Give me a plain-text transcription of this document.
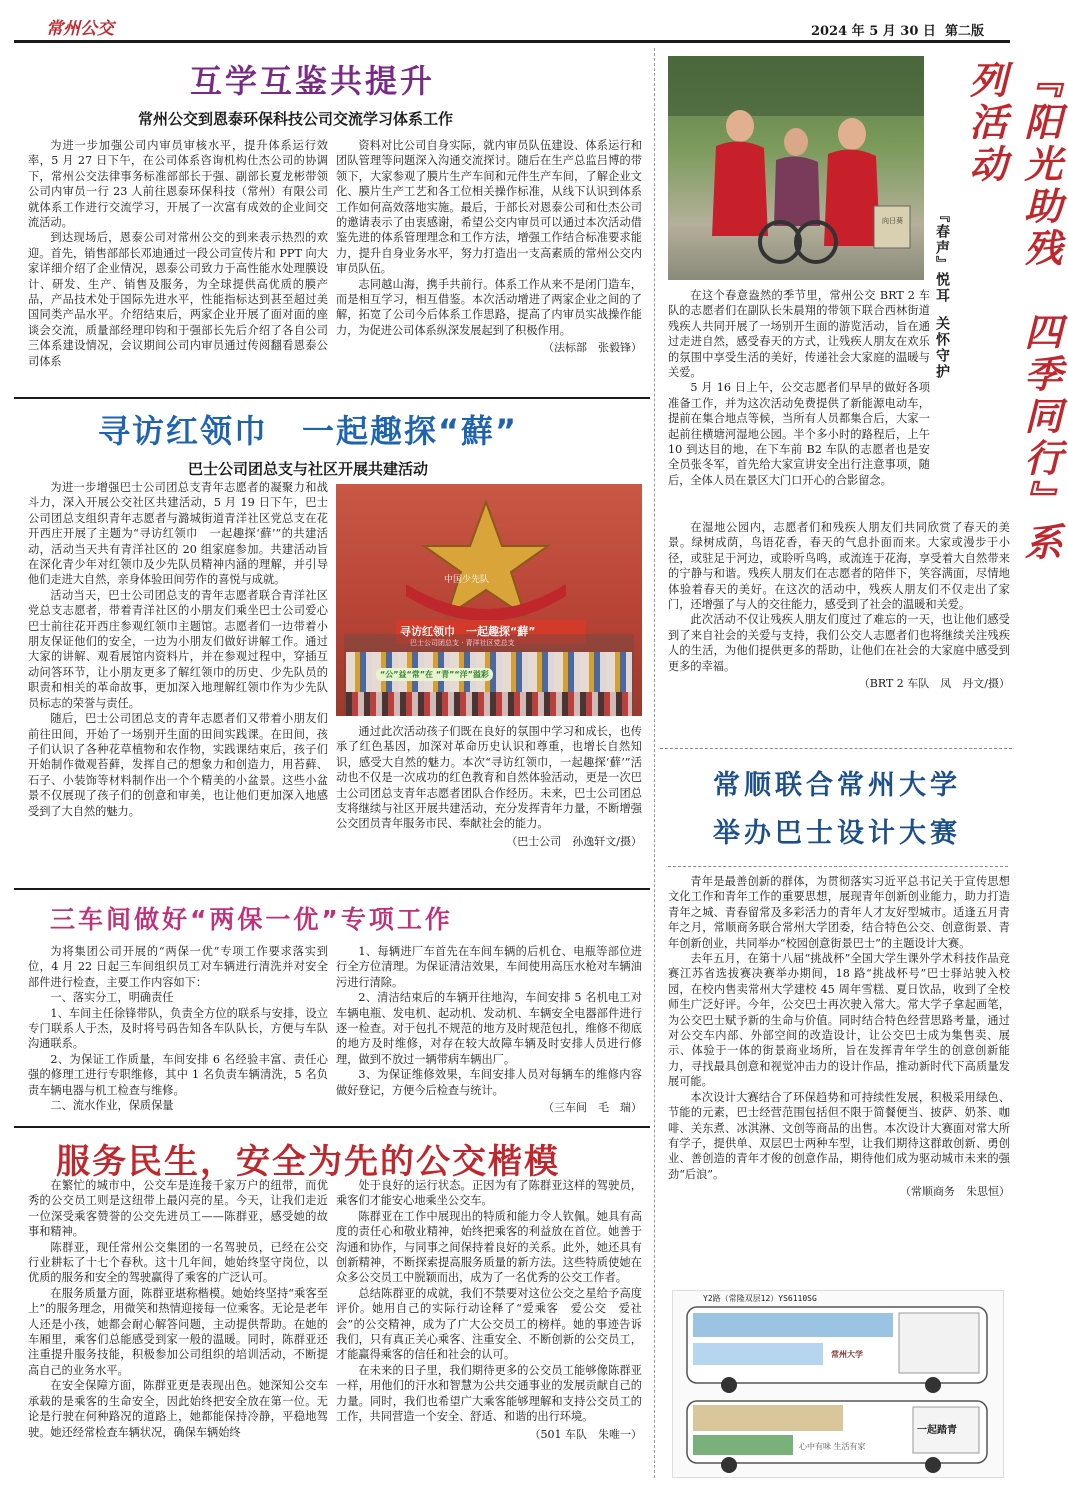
常州公交	2024 年 5 月 30 日 第二版
互学互鉴共提升
常州公交到恩泰环保科技公司交流学习体系工作

为进一步加强公司内审员审核水平，提升体系运行效率，5 月 27 日下午，在公司体系咨询机构仕杰公司的协调下，常州公交法律事务标准部部长于强、副部长夏龙彬带领公司内审员一行 23 人前往恩泰环保科技（常州）有限公司就体系工作进行交流学习，开展了一次富有成效的企业间交流活动。

到达现场后，恩泰公司对常州公交的到来表示热烈的欢迎。首先，销售部部长邓迪通过一段公司宣传片和 PPT 向大家详细介绍了企业情况，恩泰公司致力于高性能水处理膜设计、研发、生产、销售及服务，为全球提供高优质的膜产品，产品技术处于国际先进水平，性能指标达到甚至超过美国同类产品水平。介绍结束后，两家企业开展了面对面的座谈会交流，质量部经理印钧和于强部长先后介绍了各自公司三体系建设情况，会议期间公司内审员通过传阅翻看恩泰公司体系

资料对比公司自身实际，就内审员队伍建设、体系运行和团队管理等问题深入沟通交流探讨。随后在生产总监吕博的带领下，大家参观了膜片生产车间和元件生产车间，了解企业文化、膜片生产工艺和各工位相关操作标准，从线下认识到体系工作如何高效落地实施。最后，于部长对恩泰公司和仕杰公司的邀请表示了由衷感谢，希望公交内审员可以通过本次活动借鉴先进的体系管理理念和工作方法，增强工作结合标准要求能力，提升自身业务水平，努力打造出一支高素质的常州公交内审员队伍。

志同越山海，携手共前行。体系工作从来不是闭门造车，而是相互学习，相互借鉴。本次活动增进了两家企业之间的了解，拓宽了公司今后体系工作思路，提高了内审员实战操作能力，为促进公司体系纵深发展起到了积极作用。

（法标部　张毅锋）
寻访红领巾　一起趣探“蘚”
巴士公司团总支与社区开展共建活动

为进一步增强巴士公司团总支青年志愿者的凝聚力和战斗力，深入开展公交社区共建活动，5 月 19 日下午，巴士公司团总支组织青年志愿者与潞城街道青洋社区党总支在花开西庄开展了主题为“寻访红领巾　一起趣探‘蘚’”的共建活动，活动当天共有青洋社区的 20 组家庭参加。共建活动旨在深化青少年对红领巾及少先队员精神内涵的理解，并引导他们走进大自然，亲身体验田间劳作的喜悦与成就。

活动当天，巴士公司团总支的青年志愿者联合青洋社区党总支志愿者，带着青洋社区的小朋友们乘坐巴士公司爱心巴士前往花开西庄参观红领巾主题馆。志愿者们一边带着小朋友保证他们的安全，一边为小朋友们做好讲解工作。通过大家的讲解、观看展馆内资料片，并在参观过程中，穿插互动问答环节，让小朋友更多了解红领巾的历史、少先队员的职责和相关的革命故事，更加深入地理解红领巾作为少先队员标志的荣誉与责任。

随后，巴士公司团总支的青年志愿者们又带着小朋友们前往田间，开始了一场别开生面的田间实践课。在田间，孩子们认识了各种花草植物和农作物，实践课结束后，孩子们开始制作微观苔藓，发挥自己的想象力和创造力，用苔藓、石子、小装饰等材料制作出一个个精美的小盆景。这些小盆景不仅展现了孩子们的创意和审美，也让他们更加深入地感受到了大自然的魅力。

中国少先队
寻访红领巾　一起趣探“蘚”
巴士公司团总支 · 青洋社区党总支
“公”益“常”在 “青”“洋”溢彩

通过此次活动孩子们既在良好的氛围中学习和成长，也传承了红色基因，加深对革命历史认识和尊重，也增长自然知识，感受大自然的魅力。本次“寻访红领巾，一起趣探‘蘚’”活动也不仅是一次成功的红色教育和自然体验活动，更是一次巴士公司团总支青年志愿者团队合作经历。未来，巴士公司团总支将继续与社区开展共建活动，充分发挥青年力量，不断增强公交团员青年服务市民、奉献社会的能力。

（巴士公司　孙逸轩文/摄）
三车间做好“两保一优”专项工作

为将集团公司开展的“两保一优”专项工作要求落实到位，4 月 22 日起三车间组织员工对车辆进行清洗并对安全部件进行检查，主要工作内容如下：

一、落实分工，明确责任

1、车间主任徐锋带队，负责全方位的联系与安排，设立专门联系人于杰，及时将号码告知各车队队长，方便与车队沟通联系。

2、为保证工作质量，车间安排 6 名经验丰富、责任心强的修理工进行专职维修，其中 1 名负责车辆清洗，5 名负责车辆电器与机工检查与维修。

二、流水作业，保质保量

1、每辆进厂车首先在车间车辆的后机仓、电瓶等部位进行全方位清理。为保证清洁效果，车间使用高压水枪对车辆油污进行清除。

2、清洁结束后的车辆开往地沟，车间安排 5 名机电工对车辆电瓶、发电机、起动机、发动机、车辆安全电器部件进行逐一检查。对于包扎不规范的地方及时规范包扎，维修不彻底的地方及时维修，对存在较大故障车辆及时安排人员进行修理，做到不放过一辆带病车辆出厂。

3、为保证维修效果，车间安排人员对每辆车的维修内容做好登记，方便今后检查与统计。

（三车间　毛　瑞）
服务民生，安全为先的公交楷模

在繁忙的城市中，公交车是连接千家万户的纽带，而优秀的公交员工则是这纽带上最闪亮的星。今天，让我们走近一位深受乘客赞誉的公交先进员工——陈群亚，感受她的故事和精神。

陈群亚，现任常州公交集团的一名驾驶员，已经在公交行业耕耘了十七个春秋。这十几年间，她始终坚守岗位，以优质的服务和安全的驾驶赢得了乘客的广泛认可。

在服务质量方面，陈群亚堪称楷模。她始终坚持“乘客至上”的服务理念，用微笑和热情迎接每一位乘客。无论是老年人还是小孩，她都会耐心解答问题，主动提供帮助。在她的车厢里，乘客们总能感受到家一般的温暖。同时，陈群亚还注重提升服务技能，积极参加公司组织的培训活动，不断提高自己的业务水平。

在安全保障方面，陈群亚更是表现出色。她深知公交车承载的是乘客的生命安全，因此始终把安全放在第一位。无论是行驶在何种路况的道路上，她都能保持冷静，平稳地驾驶。她还经常检查车辆状况，确保车辆始终

处于良好的运行状态。正因为有了陈群亚这样的驾驶员，乘客们才能安心地乘坐公交车。

陈群亚在工作中展现出的特质和能力令人钦佩。她具有高度的责任心和敬业精神，始终把乘客的利益放在首位。她善于沟通和协作，与同事之间保持着良好的关系。此外，她还具有创新精神，不断探索提高服务质量的新方法。这些特质使她在众多公交员工中脱颖而出，成为了一名优秀的公交工作者。

总结陈群亚的成就，我们不禁要对这位公交之星给予高度评价。她用自己的实际行动诠释了“爱乘客　爱公交　爱社会”的公交精神，成为了广大公交员工的榜样。她的事迹告诉我们，只有真正关心乘客、注重安全、不断创新的公交员工，才能赢得乘客的信任和社会的认可。

在未来的日子里，我们期待更多的公交员工能够像陈群亚一样，用他们的汗水和智慧为公共交通事业的发展贡献自己的力量。同时，我们也希望广大乘客能够理解和支持公交员工的工作，共同营造一个安全、舒适、和谐的出行环境。

（501 车队　朱唯一）
向日葵	『阳光助残　四季同行』系列活动
『春声』悦耳
关怀守护

在这个春意盎然的季节里，常州公交 BRT 2 车队的志愿者们在副队长朱晨翔的带领下联合西林街道残疾人共同开展了一场别开生面的游览活动，旨在通过走进自然，感受春天的方式，让残疾人朋友在欢乐的氛围中享受生活的美好，传递社会大家庭的温暖与关爱。

5 月 16 日上午，公交志愿者们早早的做好各项准备工作，并为这次活动免费提供了新能源电动车，提前在集合地点等候，当所有人员都集合后，大家一起前往横塘河湿地公园。半个多小时的路程后，上午 10 到达目的地，在下车前 B2 车队的志愿者也是安全员张冬军，首先给大家宣讲安全出行注意事项，随后，全体人员在景区大门口开心的合影留念。

在湿地公园内，志愿者们和残疾人朋友们共同欣赏了春天的美景。绿树成荫，鸟语花香，春天的气息扑面而来。大家或漫步于小径，或驻足于河边，或聆听鸟鸣，或流连于花海，享受着大自然带来的宁静与和谐。残疾人朋友们在志愿者的陪伴下，笑容满面，尽情地体验着春天的美好。在这次的活动中，残疾人朋友们不仅走出了家门，还增强了与人的交往能力，感受到了社会的温暖和关爱。

此次活动不仅让残疾人朋友们度过了难忘的一天，也让他们感受到了来自社会的关爱与支持，我们公交人志愿者们也将继续关注残疾人的生活，为他们提供更多的帮助，让他们在社会的大家庭中感受到更多的幸福。

（BRT 2 车队　凤　丹文/摄）
常顺联合常州大学
举办巴士设计大赛

青年是最善创新的群体，为贯彻落实习近平总书记关于宣传思想文化工作和青年工作的重要思想，展现青年创新创业能力，助力打造青年之城、青春留常及多彩活力的青年人才友好型城市。适逢五月青年之月，常顺商务联合常州大学团委，结合特色公交、创意街景、青年创新创业，共同举办“校园创意街景巴士”的主题设计大赛。

去年五月，在第十八届“挑战杯”全国大学生课外学术科技作品竞赛江苏省选拔赛决赛举办期间，18 路“挑战杯号”巴士驿站驶入校园，在校内售卖常州大学建校 45 周年雪糕、夏日饮品，收到了全校师生广泛好评。今年，公交巴士再次驶入常大。常大学子拿起画笔，为公交巴士赋予新的生命与价值。同时结合特色经营思路考量，通过对公交车内部、外部空间的改造设计，让公交巴士成为集售卖、展示、体验于一体的街景商业场所，旨在发挥青年学生的创意创新能力，寻找最具创意和视觉冲击力的设计作品，推动新时代下高质量发展可能。

本次设计大赛结合了环保趋势和可持续性发展，积极采用绿色、节能的元素，巴士经营范围包括但不限于简餐便当、披萨、奶茶、咖啡、关东煮、冰淇淋、文创等商品的出售。本次设计大赛面对常大所有学子，提供单、双层巴士两种车型，让我们期待这群敢创新、勇创业、善创造的青年才俊的创意作品，期待他们成为驱动城市未来的强劲“后浪”。

（常顺商务　朱思恒）
Y2路（常隆双层12）YS6110SG
常州大学
一起踏青
心中有味 生活有家
